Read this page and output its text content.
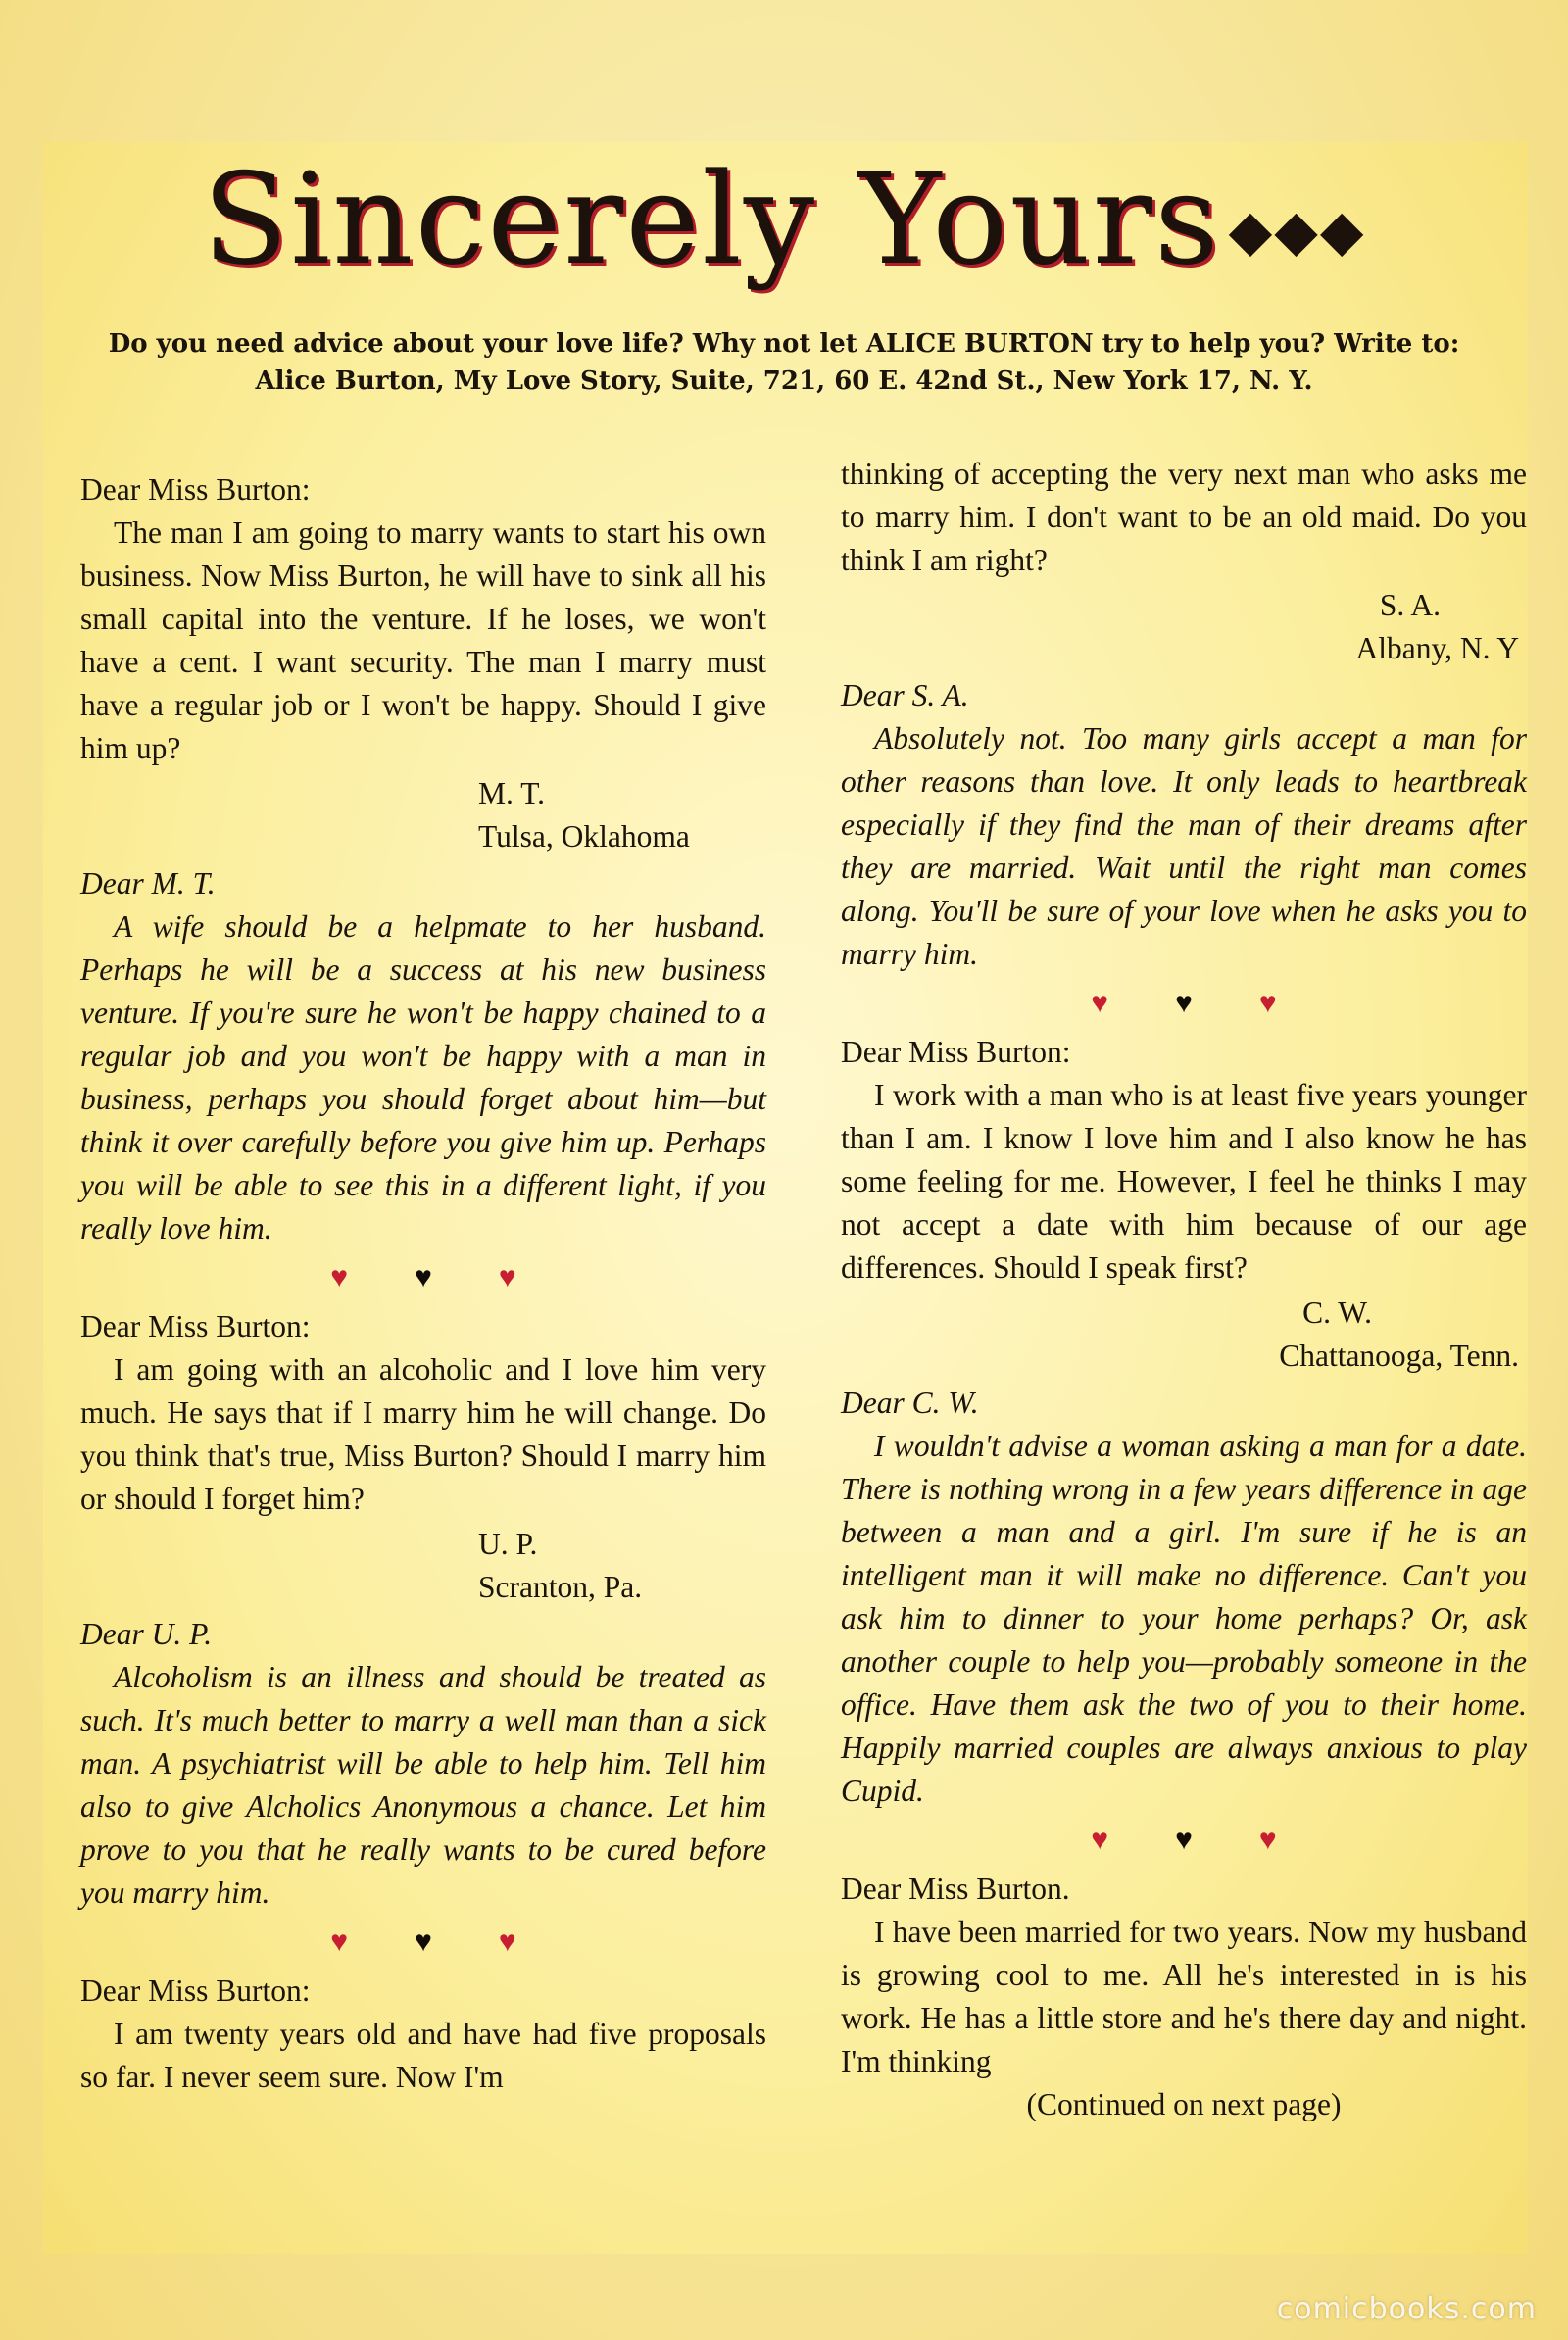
Sincerely Yours ◆◆◆
Do you need advice about your love life? Why not let ALICE BURTON try to help you? Write to:
Alice Burton, My Love Story, Suite, 721, 60 E. 42nd St., New York 17, N. Y.

Dear Miss Burton:

The man I am going to marry wants to start his own business. Now Miss Burton, he will have to sink all his small capital into the venture. If he loses, we won't have a cent. I want security. The man I marry must have a regular job or I won't be happy. Should I give him up?

M. T.
Tulsa, Oklahoma

Dear M. T.

A wife should be a helpmate to her husband. Perhaps he will be a success at his new business venture. If you're sure he won't be happy chained to a regular job and you won't be happy with a man in business, perhaps you should forget about him—but think it over carefully before you give him up. Perhaps you will be able to see this in a different light, if you really love him.

♥♥♥

Dear Miss Burton:

I am going with an alcoholic and I love him very much. He says that if I marry him he will change. Do you think that's true, Miss Burton? Should I marry him or should I forget him?

U. P.
Scranton, Pa.

Dear U. P.

Alcoholism is an illness and should be treated as such. It's much better to marry a well man than a sick man. A psychiatrist will be able to help him. Tell him also to give Alcholics Anonymous a chance. Let him prove to you that he really wants to be cured before you marry him.

♥♥♥

Dear Miss Burton:

I am twenty years old and have had five proposals so far. I never seem sure. Now I'm

thinking of accepting the very next man who asks me to marry him. I don't want to be an old maid. Do you think I am right?

S. A.
Albany, N. Y

Dear S. A.

Absolutely not. Too many girls accept a man for other reasons than love. It only leads to heartbreak especially if they find the man of their dreams after they are married. Wait until the right man comes along. You'll be sure of your love when he asks you to marry him.

♥♥♥

Dear Miss Burton:

I work with a man who is at least five years younger than I am. I know I love him and I also know he has some feeling for me. However, I feel he thinks I may not accept a date with him because of our age differences. Should I speak first?

C. W.
Chattanooga, Tenn.

Dear C. W.

I wouldn't advise a woman asking a man for a date. There is nothing wrong in a few years difference in age between a man and a girl. I'm sure if he is an intelligent man it will make no difference. Can't you ask him to dinner to your home perhaps? Or, ask another couple to help you—probably someone in the office. Have them ask the two of you to their home. Happily married couples are always anxious to play Cupid.

♥♥♥

Dear Miss Burton.

I have been married for two years. Now my husband is growing cool to me. All he's interested in is his work. He has a little store and he's there day and night. I'm thinking

(Continued on next page)

comicbooks.com
